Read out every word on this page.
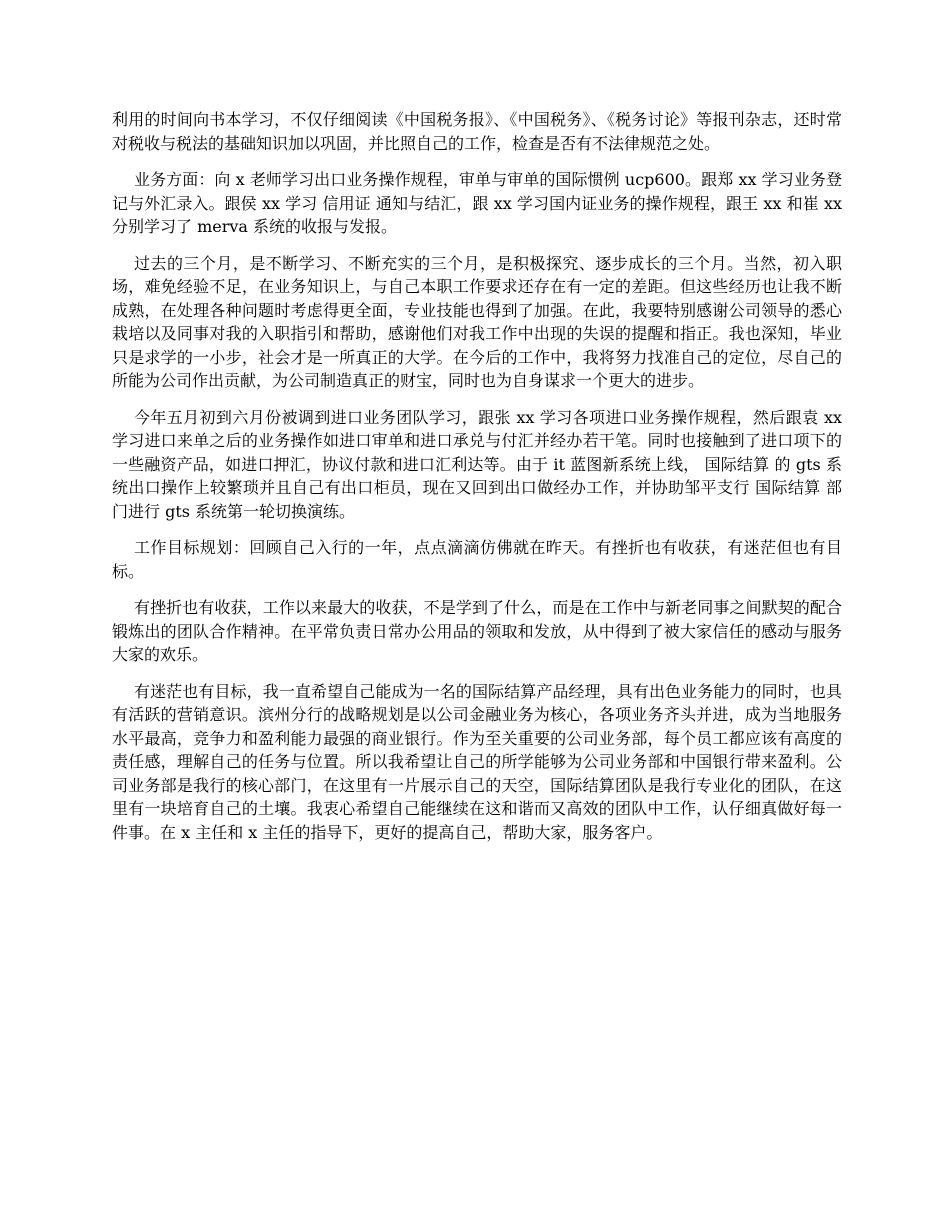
利用的时间向书本学习，不仅仔细阅读《中国税务报》、《中国税务》、《税务讨论》等报刊杂志，还时常对税收与税法的基础知识加以巩固，并比照自己的工作，检查是否有不法律规范之处。

业务方面：向 x 老师学习出口业务操作规程，审单与审单的国际惯例 ucp600。跟郑 xx 学习业务登记与外汇录入。跟侯 xx 学习 信用证 通知与结汇，跟 xx 学习国内证业务的操作规程，跟王 xx 和崔 xx 分别学习了 merva 系统的收报与发报。

过去的三个月，是不断学习、不断充实的三个月，是积极探究、逐步成长的三个月。当然，初入职场，难免经验不足，在业务知识上，与自己本职工作要求还存在有一定的差距。但这些经历也让我不断成熟，在处理各种问题时考虑得更全面，专业技能也得到了加强。在此，我要特别感谢公司领导的悉心栽培以及同事对我的入职指引和帮助，感谢他们对我工作中出现的失误的提醒和指正。我也深知，毕业只是求学的一小步，社会才是一所真正的大学。在今后的工作中，我将努力找准自己的定位，尽自己的所能为公司作出贡献，为公司制造真正的财宝，同时也为自身谋求一个更大的进步。

今年五月初到六月份被调到进口业务团队学习，跟张 xx 学习各项进口业务操作规程，然后跟袁 xx 学习进口来单之后的业务操作如进口审单和进口承兑与付汇并经办若干笔。同时也接触到了进口项下的一些融资产品，如进口押汇，协议付款和进口汇利达等。由于 it 蓝图新系统上线， 国际结算 的 gts 系统出口操作上较繁琐并且自己有出口柜员，现在又回到出口做经办工作，并协助邹平支行 国际结算 部门进行 gts 系统第一轮切换演练。

工作目标规划：回顾自己入行的一年，点点滴滴仿佛就在昨天。有挫折也有收获，有迷茫但也有目标。

有挫折也有收获，工作以来最大的收获，不是学到了什么，而是在工作中与新老同事之间默契的配合锻炼出的团队合作精神。在平常负责日常办公用品的领取和发放，从中得到了被大家信任的感动与服务大家的欢乐。

有迷茫也有目标，我一直希望自己能成为一名的国际结算产品经理，具有出色业务能力的同时，也具有活跃的营销意识。滨州分行的战略规划是以公司金融业务为核心，各项业务齐头并进，成为当地服务水平最高，竞争力和盈利能力最强的商业银行。作为至关重要的公司业务部，每个员工都应该有高度的责任感，理解自己的任务与位置。所以我希望让自己的所学能够为公司业务部和中国银行带来盈利。公司业务部是我行的核心部门，在这里有一片展示自己的天空，国际结算团队是我行专业化的团队，在这里有一块培育自己的土壤。我衷心希望自己能继续在这和谐而又高效的团队中工作，认仔细真做好每一件事。在 x 主任和 x 主任的指导下，更好的提高自己，帮助大家，服务客户。
